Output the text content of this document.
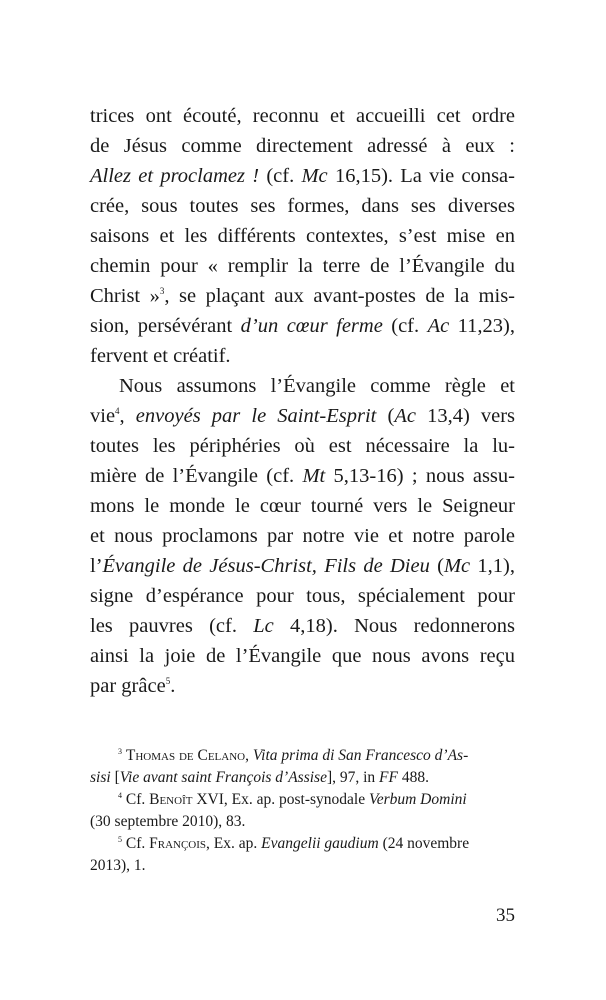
trices ont écouté, reconnu et accueilli cet ordre
de Jésus comme directement adressé à eux :
Allez et proclamez ! (cf. Mc 16,15). La vie consa-
crée, sous toutes ses formes, dans ses diverses
saisons et les différents contextes, s’est mise en
chemin pour « remplir la terre de l’Évangile du
Christ »$^3$, se plaçant aux avant-postes de la mis-
sion, persévérant d’un cœur ferme (cf. Ac 11,23),
fervent et créatif.
Nous assumons l’Évangile comme règle et
vie$^4$, envoyés par le Saint-Esprit (Ac 13,4) vers
toutes les périphéries où est nécessaire la lu-
mière de l’Évangile (cf. Mt 5,13-16) ; nous assu-
mons le monde le cœur tourné vers le Seigneur
et nous proclamons par notre vie et notre parole
l’Évangile de Jésus-Christ, Fils de Dieu (Mc 1,1),
signe d’espérance pour tous, spécialement pour
les pauvres (cf. Lc 4,18). Nous redonnerons
ainsi la joie de l’Évangile que nous avons reçu
par grâce$^5$.
$^3$ Thomas de Celano, Vita prima di San Francesco d’As-
sisi [Vie avant saint François d’Assise], 97, in FF 488.
$^4$ Cf. Benoît XVI, Ex. ap. post-synodale Verbum Domini
(30 septembre 2010), 83.
$^5$ Cf. François, Ex. ap. Evangelii gaudium (24 novembre
2013), 1.
35
